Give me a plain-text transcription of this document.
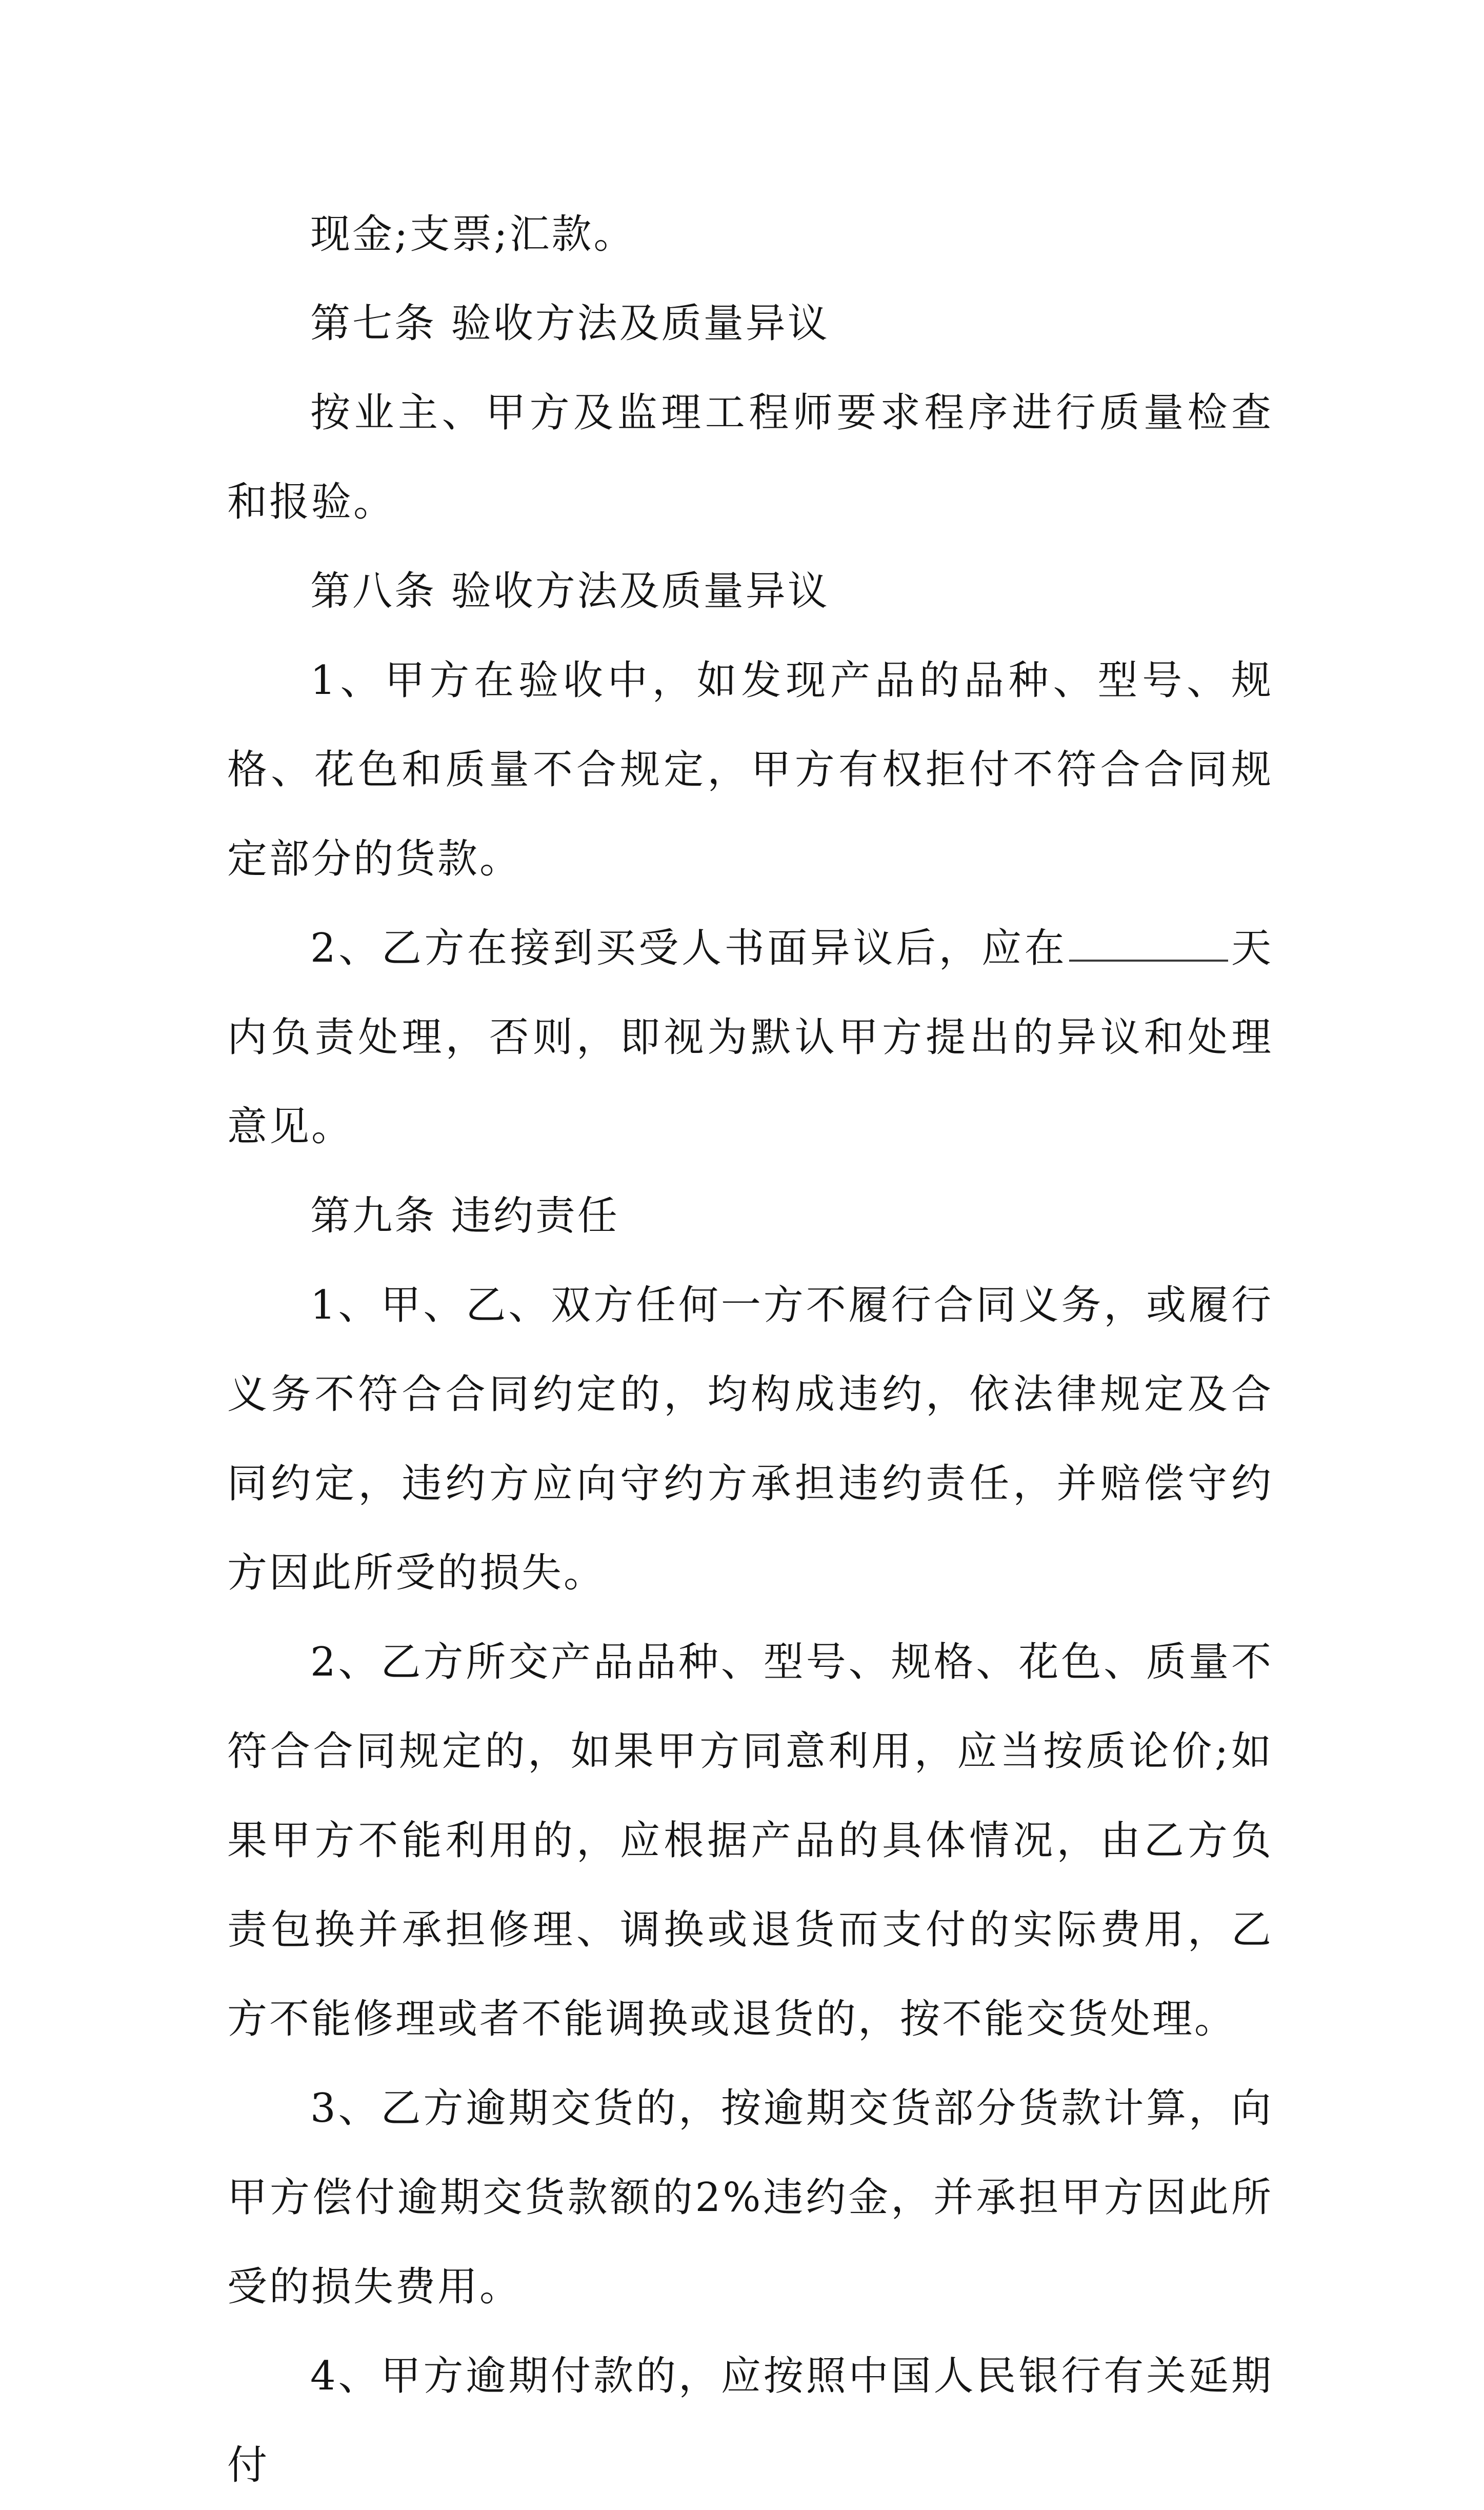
现金;支票;汇款。

第七条 验收方法及质量异议

按业主、甲方及监理工程师要求程序进行质量检查和报验。

第八条 验收方法及质量异议

1、甲方在验收中，如发现产品的品种、型号、规格、花色和质量不合规定，甲方有权拒付不符合合同规定部分的货款。

2、乙方在接到买受人书面异议后，应在	天内负责处理，否则，即视为默认甲方提出的异议和处理意见。

第九条 违约责任

1、甲、乙、双方任何一方不履行合同义务，或履行义务不符合合同约定的，均构成违约，依法律规定及合同约定，违约方应向守约方承担违约责任，并赔偿守约方因此所受的损失。

2、乙方所交产品品种、型号、规格、花色、质量不符合合同规定的，如果甲方同意利用，应当按质论价;如果甲方不能利用的，应根据产品的具体情况，由乙方负责包换并承担修理、调换或退货而支付的实际费用，乙方不能修理或者不能调换或退货的，按不能交货处理。

3、乙方逾期交货的，按逾期交货部分货款计算，向甲方偿付逾期交货款额的2%违约金，并承担甲方因此所受的损失费用。

4、甲方逾期付款的，应按照中国人民银行有关延期付
